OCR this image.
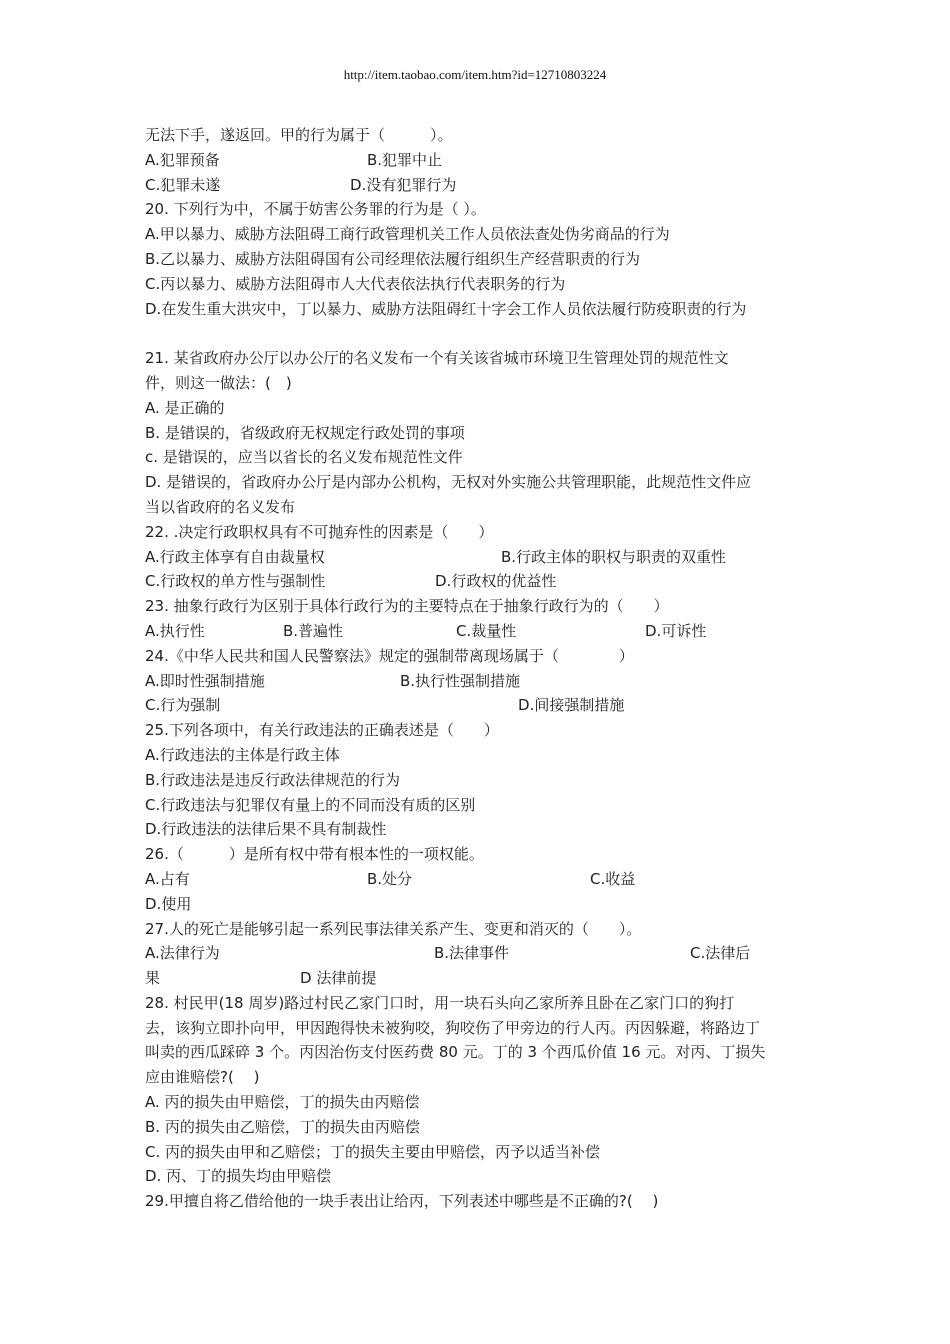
http://item.taobao.com/item.htm?id=12710803224
无法下手，遂返回。甲的行为属于（　　　）。
A.犯罪预备	B.犯罪中止
C.犯罪未遂	D.没有犯罪行为
20. 下列行为中，不属于妨害公务罪的行为是（ ）。
A.甲以暴力、威胁方法阻碍工商行政管理机关工作人员依法查处伪劣商品的行为
B.乙以暴力、威胁方法阻碍国有公司经理依法履行组织生产经营职责的行为
C.丙以暴力、威胁方法阻碍市人大代表依法执行代表职务的行为
D.在发生重大洪灾中，丁以暴力、威胁方法阻碍红十字会工作人员依法履行防疫职责的行为
21. 某省政府办公厅以办公厅的名义发布一个有关该省城市环境卫生管理处罚的规范性文
件，则这一做法：(　)
A. 是正确的
B. 是错误的，省级政府无权规定行政处罚的事项
c. 是错误的，应当以省长的名义发布规范性文件
D. 是错误的，省政府办公厅是内部办公机构，无权对外实施公共管理职能，此规范性文件应
当以省政府的名义发布
22. .决定行政职权具有不可抛弃性的因素是（　　）
A.行政主体享有自由裁量权	B.行政主体的职权与职责的双重性
C.行政权的单方性与强制性	D.行政权的优益性
23. 抽象行政行为区别于具体行政行为的主要特点在于抽象行政行为的（　　）
A.执行性	B.普遍性	C.裁量性	D.可诉性
24.《中华人民共和国人民警察法》规定的强制带离现场属于（　　　　）
A.即时性强制措施	B.执行性强制措施
C.行为强制	D.间接强制措施
25.下列各项中，有关行政违法的正确表述是（　　）
A.行政违法的主体是行政主体
B.行政违法是违反行政法律规范的行为
C.行政违法与犯罪仅有量上的不同而没有质的区别
D.行政违法的法律后果不具有制裁性
26.（　　　）是所有权中带有根本性的一项权能。
A.占有	B.处分	C.收益
D.使用
27.人的死亡是能够引起一系列民事法律关系产生、变更和消灭的（　　）。
A.法律行为	B.法律事件	C.法律后
果	D 法律前提
28. 村民甲(18 周岁)路过村民乙家门口时，用一块石头向乙家所养且卧在乙家门口的狗打
去，该狗立即扑向甲，甲因跑得快未被狗咬，狗咬伤了甲旁边的行人丙。丙因躲避，将路边丁
叫卖的西瓜踩碎 3 个。丙因治伤支付医药费 80 元。丁的 3 个西瓜价值 16 元。对丙、丁损失
应由谁赔偿?(　 )
A. 丙的损失由甲赔偿，丁的损失由丙赔偿
B. 丙的损失由乙赔偿，丁的损失由丙赔偿
C. 丙的损失由甲和乙赔偿；丁的损失主要由甲赔偿，丙予以适当补偿
D. 丙、丁的损失均由甲赔偿
29.甲擅自将乙借给他的一块手表出让给丙，下列表述中哪些是不正确的?(　 )
